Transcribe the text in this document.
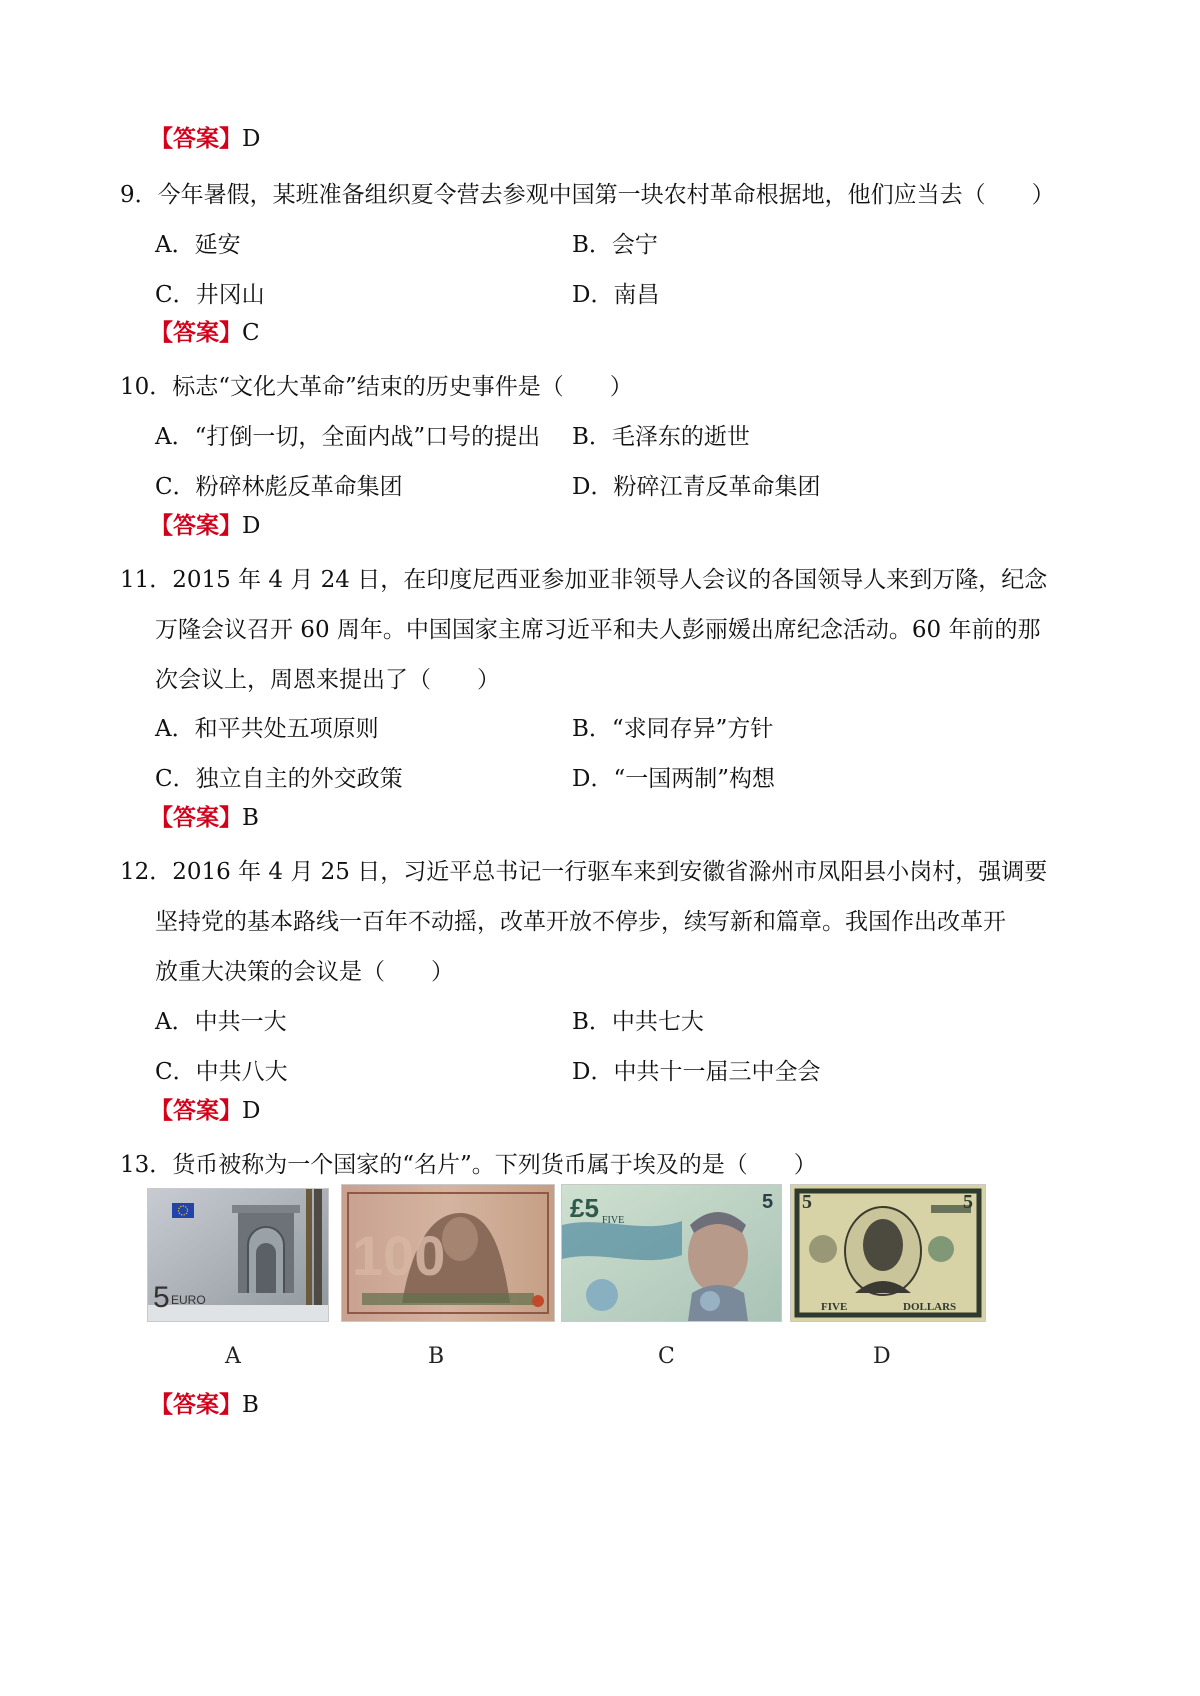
【答案】D
9．今年暑假，某班准备组织夏令营去参观中国第一块农村革命根据地，他们应当去（　　）
A．延安	B．会宁
C．井冈山	D．南昌
【答案】C
10．标志“文化大革命”结束的历史事件是（　　）
A．“打倒一切，全面内战”口号的提出 B．毛泽东的逝世
C．粉碎林彪反革命集团	D．粉碎江青反革命集团
【答案】D
11．2015 年 4 月 24 日，在印度尼西亚参加亚非领导人会议的各国领导人来到万隆，纪念
万隆会议召开 60 周年。中国国家主席习近平和夫人彭丽媛出席纪念活动。60 年前的那
次会议上，周恩来提出了（　　）
A．和平共处五项原则	B．“求同存异”方针
C．独立自主的外交政策	D．“一国两制”构想
【答案】B
12．2016 年 4 月 25 日，习近平总书记一行驱车来到安徽省滁州市凤阳县小岗村，强调要
坚持党的基本路线一百年不动摇，改革开放不停步，续写新和篇章。我国作出改革开
放重大决策的会议是（　　）
A．中共一大	B．中共七大
C．中共八大	D．中共十一届三中全会
【答案】D
13．货币被称为一个国家的“名片”。下列货币属于埃及的是（　　）
5 EURO
100
£5	5
FIVE
5	5
FIVE	DOLLARS
A	B	C	D
【答案】B
